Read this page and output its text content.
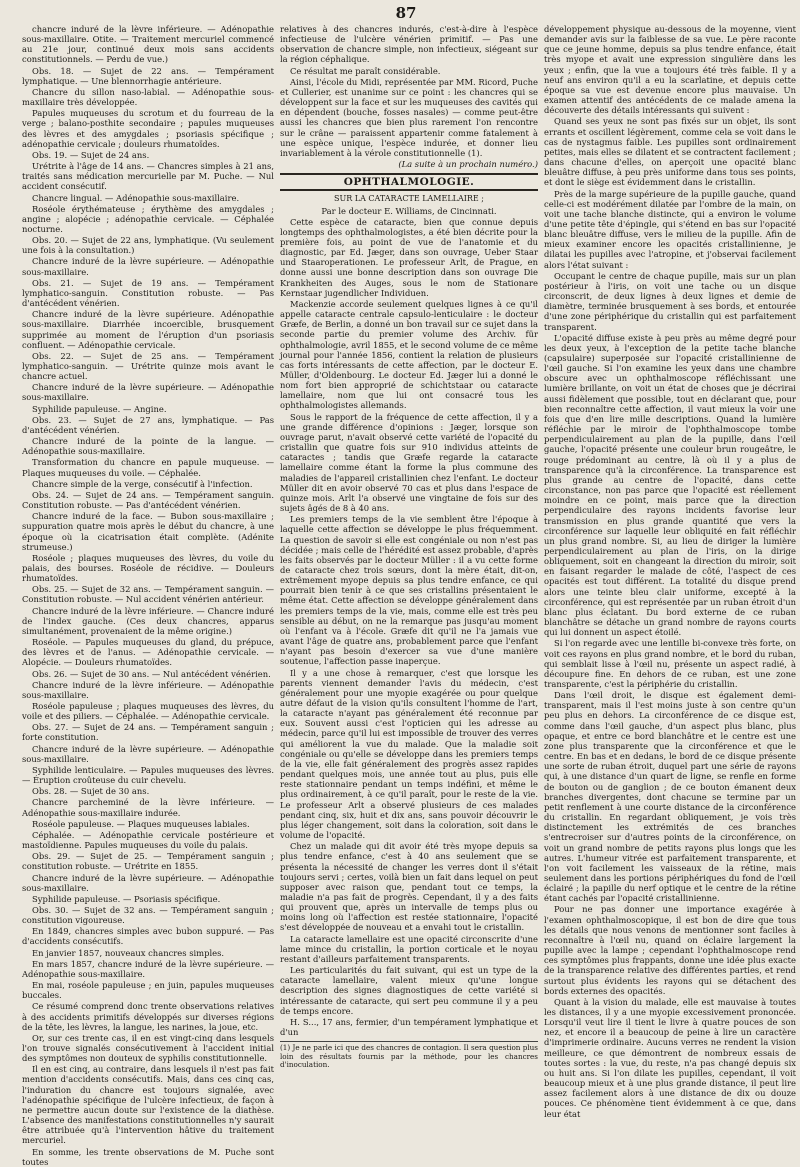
87

chancre induré de la lèvre inférieure. — Adénopathie sous-maxillaire. Otite. — Traitement mercuriel commencé au 21e jour, continué deux mois sans accidents constitutionnels. — Perdu de vue.)

Obs. 18. — Sujet de 22 ans. — Tempérament lymphatique. — Une blennorrhagie antérieure.

Chancre du sillon naso-labial. — Adénopathie sous-maxillaire très développée.

Papules muqueuses du scrotum et du fourreau de la verge ; balano-posthite secondaire ; papules muqueuses des lèvres et des amygdales ; psoriasis spécifique ; adénopathie cervicale ; douleurs rhumatoïdes.

Obs. 19. — Sujet de 24 ans.

Urétrite à l'âge de 14 ans. — Chancres simples à 21 ans, traités sans médication mercurielle par M. Puche. — Nul accident consécutif.

Chancre lingual. — Adénopathie sous-maxillaire.

Roséole érythémateuse ; érythème des amygdales ; angine ; alopécie ; adénopathie cervicale. — Céphalée nocturne.

Obs. 20. — Sujet de 22 ans, lymphatique. (Vu seulement une fois à la consultation.)

Chancre induré de la lèvre supérieure. — Adénopathie sous-maxillaire.

Obs. 21. — Sujet de 19 ans. — Tempérament lymphatico-sanguin. Constitution robuste. — Pas d'antécédent vénérien.

Chancre induré de la lèvre supérieure. Adénopathie sous-maxillaire. Diarrhée incoercible, brusquement supprimée au moment de l'éruption d'un psoriasis confluent. — Adénopathie cervicale.

Obs. 22. — Sujet de 25 ans. — Tempérament lymphatico-sanguin. — Urétrite quinze mois avant le chancre actuel.

Chancre induré de la lèvre supérieure. — Adénopathie sous-maxillaire.

Syphilide papuleuse. — Angine.

Obs. 23. — Sujet de 27 ans, lymphatique. — Pas d'antécédent vénérien.

Chancre induré de la pointe de la langue. — Adénopathie sous-maxillaire.

Transformation du chancre en papule muqueuse. — Plaques muqueuses du voile. — Céphalée.

Chancre simple de la verge, consécutif à l'infection.

Obs. 24. — Sujet de 24 ans. — Tempérament sanguin. Constitution robuste. — Pas d'antécédent vénérien.

Chancre induré de la face. — Bubon sous-maxillaire ; suppuration quatre mois après le début du chancre, à une époque où la cicatrisation était complète. (Adénite strumeuse.)

Roséole ; plaques muqueuses des lèvres, du voile du palais, des bourses. Roséole de récidive. — Douleurs rhumatoïdes.

Obs. 25. — Sujet de 32 ans. — Tempérament sanguin. — Constitution robuste. — Nul accident vénérien antérieur.

Chancre induré de la lèvre inférieure. — Chancre induré de l'index gauche. (Ces deux chancres, apparus simultanément, provenaient de la même origine.)

Roséole. — Papules muqueuses du gland, du prépuce, des lèvres et de l'anus. — Adénopathie cervicale. — Alopécie. — Douleurs rhumatoïdes.

Obs. 26. — Sujet de 30 ans. — Nul antécédent vénérien.

Chancre induré de la lèvre inférieure. — Adénopathie sous-maxillaire.

Roséole papuleuse ; plaques muqueuses des lèvres, du voile et des piliers. — Céphalée. — Adénopathie cervicale.

Obs. 27. — Sujet de 24 ans. — Tempérament sanguin ; forte constitution.

Chancre induré de la lèvre supérieure. — Adénopathie sous-maxillaire.

Syphilide lenticulaire. — Papules muqueuses des lèvres. — Éruption croûteuse du cuir chevelu.

Obs. 28. — Sujet de 30 ans.

Chancre parcheminé de la lèvre inférieure. — Adénopathie sous-maxillaire indurée.

Roséole papuleuse. — Plaques muqueuses labiales.

Céphalée. — Adénopathie cervicale postérieure et mastoïdienne. Papules muqueuses du voile du palais.

Obs. 29. — Sujet de 25. — Tempérament sanguin ; constitution robuste. — Urétrite en 1855.

Chancre induré de la lèvre supérieure. — Adénopathie sous-maxillaire.

Syphilide papuleuse. — Psoriasis spécifique.

Obs. 30. — Sujet de 32 ans. — Tempérament sanguin ; constitution vigoureuse.

En 1849, chancres simples avec bubon suppuré. — Pas d'accidents consécutifs.

En janvier 1857, nouveaux chancres simples.

En mars 1857, chancre induré de la lèvre supérieure. — Adénopathie sous-maxillaire.

En mai, roséole papuleuse ; en juin, papules muqueuses buccales.

Ce résumé comprend donc trente observations relatives à des accidents primitifs développés sur diverses régions de la tête, les lèvres, la langue, les narines, la joue, etc.

Or, sur ces trente cas, il en est vingt-cinq dans lesquels l'on trouve signalés consécutivement à l'accident initial des symptômes non douteux de syphilis constitutionnelle.

Il en est cinq, au contraire, dans lesquels il n'est pas fait mention d'accidents consécutifs. Mais, dans ces cinq cas, l'induration du chancre est toujours signalée, avec l'adénopathie spécifique de l'ulcère infectieux, de façon à ne permettre aucun doute sur l'existence de la diathèse. L'absence des manifestations constitutionnelles n'y saurait être attribuée qu'à l'intervention hâtive du traitement mercuriel.

En somme, les trente observations de M. Puche sont toutes

relatives à des chancres indurés, c'est-à-dire à l'espèce infectieuse de l'ulcère vénérien primitif. — Pas une observation de chancre simple, non infectieux, siégeant sur la région céphalique.

Ce résultat me paraît considérable.

Ainsi, l'école du Midi, représentée par MM. Ricord, Puche et Cullerier, est unanime sur ce point : les chancres qui se développent sur la face et sur les muqueuses des cavités qui en dépendent (bouche, fosses nasales) — comme peut-être aussi les chancres que bien plus rarement l'on rencontre sur le crâne — paraissent appartenir comme fatalement à une espèce unique, l'espèce indurée, et donner lieu invariablement à la vérole constitutionnelle (1).

(La suite à un prochain numéro.)

OPHTHALMOLOGIE.

SUR LA CATARACTE LAMELLAIRE ;

Par le docteur E. Williams, de Cincinnati.

Cette espèce de cataracte, bien que connue depuis longtemps des ophthalmologistes, a été bien décrite pour la première fois, au point de vue de l'anatomie et du diagnostic, par Ed. Jæger, dans son ouvrage, Ueber Staar und Staaroperationen. Le professeur Arlt, de Prague, en donne aussi une bonne description dans son ouvrage Die Krankheiten des Auges, sous le nom de Stationare Kernstaar jugendlicher Individuen.

Mackenzie accorde seulement quelques lignes à ce qu'il appelle cataracte centrale capsulo-lenticulaire : le docteur Græfe, de Berlin, a donné un bon travail sur ce sujet dans la seconde partie du premier volume des Archiv. für ophthalmologie, avril 1855, et le second volume de ce même journal pour l'année 1856, contient la relation de plusieurs cas forts intéressants de cette affection, par le docteur E. Müller, d'Oldenbourg. Le docteur Ed. Jæger lui a donné le nom fort bien approprié de schichtstaar ou cataracte lamellaire, nom que lui ont consacré tous les ophthalmologistes allemands.

Sous le rapport de la fréquence de cette affection, il y a une grande différence d'opinions : Jæger, lorsque son ouvrage parut, n'avait observé cette variété de l'opacité du cristallin que quatre fois sur 910 individus atteints de cataractes ; tandis que Græfe regarde la cataracte lamellaire comme étant la forme la plus commune des maladies de l'appareil cristallinien chez l'enfant. Le docteur Müller dit en avoir observé 70 cas et plus dans l'espace de quinze mois. Arlt l'a observé une vingtaine de fois sur des sujets âgés de 8 à 40 ans.

Les premiers temps de la vie semblent être l'époque à laquelle cette affection se développe le plus fréquemment. La question de savoir si elle est congéniale ou non n'est pas décidée ; mais celle de l'hérédité est assez probable, d'après les faits observés par le docteur Müller : il a vu cette forme de cataracte chez trois sœurs, dont la mère était, dit-on, extrêmement myope depuis sa plus tendre enfance, ce qui pourrait bien tenir à ce que ses cristallins présentaient le même état. Cette affection se développe généralement dans les premiers temps de la vie, mais, comme elle est très peu sensible au début, on ne la remarque pas jusqu'au moment où l'enfant va à l'école. Græfe dit qu'il ne l'a jamais vue avant l'âge de quatre ans, probablement parce que l'enfant n'ayant pas besoin d'exercer sa vue d'une manière soutenue, l'affection passe inaperçue.

Il y a une chose à remarquer, c'est que lorsque les parents viennent demander l'avis du médecin, c'est généralement pour une myopie exagérée ou pour quelque autre défaut de la vision qu'ils consultent l'homme de l'art, la cataracte n'ayant pas généralement été reconnue par eux. Souvent aussi c'est l'opticien qui les adresse au médecin, parce qu'il lui est impossible de trouver des verres qui améliorent la vue du malade. Que la maladie soit congéniale ou qu'elle se développe dans les premiers temps de la vie, elle fait généralement des progrès assez rapides pendant quelques mois, une année tout au plus, puis elle reste stationnaire pendant un temps indéfini, et même le plus ordinairement, à ce qu'il paraît, pour le reste de la vie. Le professeur Arlt a observé plusieurs de ces malades pendant cinq, six, huit et dix ans, sans pouvoir découvrir le plus léger changement, soit dans la coloration, soit dans le volume de l'opacité.

Chez un malade qui dit avoir été très myope depuis sa plus tendre enfance, c'est à 40 ans seulement que se présenta la nécessité de changer les verres dont il s'était toujours servi ; certes, voilà bien un fait dans lequel on peut supposer avec raison que, pendant tout ce temps, la maladie n'a pas fait de progrès. Cependant, il y a des faits qui prouvent que, après un intervalle de temps plus ou moins long où l'affection est restée stationnaire, l'opacité s'est développée de nouveau et a envahi tout le cristallin.

La cataracte lamellaire est une opacité circonscrite d'une lame mince du cristallin, la portion corticale et le noyau restant d'ailleurs parfaitement transparents.

Les particularités du fait suivant, qui est un type de la cataracte lamellaire, valent mieux qu'une longue description des signes diagnostiques de cette variété si intéressante de cataracte, qui sert peu commune il y a peu de temps encore.

H. S..., 17 ans, fermier, d'un tempérament lymphatique et d'un

(1) Je ne parle ici que des chancres de contagion. Il sera question plus loin des résultats fournis par la méthode, pour les chancres d'inoculation.

développement physique au-dessous de la moyenne, vient demander avis sur la faiblesse de sa vue. Le père raconte que ce jeune homme, depuis sa plus tendre enfance, était très myope et avait une expression singulière dans les yeux ; enfin, que la vue a toujours été très faible. Il y a neuf ans environ qu'il a eu la scarlatine, et depuis cette époque sa vue est devenue encore plus mauvaise. Un examen attentif des antécédents de ce malade amena la découverte des détails intéressants qui suivent :

Quand ses yeux ne sont pas fixés sur un objet, ils sont errants et oscillent légèrement, comme cela se voit dans le cas de nystagmus faible. Les pupilles sont ordinairement petites, mais elles se dilatent et se contractent facilement ; dans chacune d'elles, on aperçoit une opacité blanc bleuâtre diffuse, à peu près uniforme dans tous ses points, et dont le siège est évidemment dans le cristallin.

Près de la marge supérieure de la pupille gauche, quand celle-ci est modérément dilatée par l'ombre de la main, on voit une tache blanche distincte, qui a environ le volume d'une petite tête d'épingle, qui s'étend en bas sur l'opacité blanc bleuâtre diffuse, vers le milieu de la pupille. Afin de mieux examiner encore les opacités cristallinienne, je dilatai les pupilles avec l'atropine, et j'observai facilement alors l'état suivant :

Occupant le centre de chaque pupille, mais sur un plan postérieur à l'iris, on voit une tache ou un disque circonscrit, de deux lignes à deux lignes et demie de diamètre, terminée brusquement à ses bords, et entourée d'une zone périphérique du cristallin qui est parfaitement transparent.

L'opacité diffuse existe à peu près au même degré pour les deux yeux, à l'exception de la petite tache blanche (capsulaire) superposée sur l'opacité cristallinienne de l'œil gauche. Si l'on examine les yeux dans une chambre obscure avec un ophthalmoscope réfléchissant une lumière brillante, on voit un état de choses que je décrirai aussi fidèlement que possible, tout en déclarant que, pour bien reconnaître cette affection, il vaut mieux la voir une fois que d'en lire mille descriptions. Quand la lumière réfléchie par le miroir de l'ophthalmoscope tombe perpendiculairement au plan de la pupille, dans l'œil gauche, l'opacité présente une couleur brun rougeâtre, le rouge prédominant au centre, là où il y a plus de transparence qu'à la circonférence. La transparence est plus grande au centre de l'opacité, dans cette circonstance, non pas parce que l'opacité est réellement moindre en ce point, mais parce que la direction perpendiculaire des rayons incidents favorise leur transmission en plus grande quantité que vers la circonférence sur laquelle leur obliquité en fait réfléchir un plus grand nombre. Si, au lieu de diriger la lumière perpendiculairement au plan de l'iris, on la dirige obliquement, soit en changeant la direction du miroir, soit en faisant regarder le malade de côté, l'aspect de ces opacités est tout différent. La totalité du disque prend alors une teinte bleu clair uniforme, excepté à la circonférence, qui est représentée par un ruban étroit d'un blanc plus éclatant. Du bord externe de ce ruban blanchâtre se détache un grand nombre de rayons courts qui lui donnent un aspect étoilé.

Si l'on regarde avec une lentille bi-convexe très forte, on voit ces rayons en plus grand nombre, et le bord du ruban, qui semblait lisse à l'œil nu, présente un aspect radié, à découpure fine. En dehors de ce ruban, est une zone transparente, c'est la périphérie du cristallin.

Dans l'œil droit, le disque est également demi-transparent, mais il l'est moins juste à son centre qu'un peu plus en dehors. La circonférence de ce disque est, comme dans l'œil gauche, d'un aspect plus blanc, plus opaque, et entre ce bord blanchâtre et le centre est une zone plus transparente que la circonférence et que le centre. En bas et en dedans, le bord de ce disque présente une sorte de ruban étroit, duquel part une série de rayons qui, à une distance d'un quart de ligne, se renfle en forme de bouton ou de ganglion ; de ce bouton émanent deux branches divergentes, dont chacune se termine par un petit renflement à une courte distance de la circonférence du cristallin. En regardant obliquement, je vois très distinctement les extrémités de ces branches s'entrecroiser sur d'autres points de la circonférence, on voit un grand nombre de petits rayons plus longs que les autres. L'humeur vitrée est parfaitement transparente, et l'on voit facilement les vaisseaux de la rétine, mais seulement dans les portions périphériques du fond de l'œil éclairé ; la papille du nerf optique et le centre de la rétine étant cachés par l'opacité cristallinienne.

Pour ne pas donner une importance exagérée à l'examen ophthalmoscopique, il est bon de dire que tous les détails que nous venons de mentionner sont faciles à reconnaître à l'œil nu, quand on éclaire largement la pupille avec la lampe ; cependant l'ophthalmoscope rend ces symptômes plus frappants, donne une idée plus exacte de la transparence relative des différentes parties, et rend surtout plus évidents les rayons qui se détachent des bords externes des opacités.

Quant à la vision du malade, elle est mauvaise à toutes les distances, il y a une myopie excessivement prononcée. Lorsqu'il veut lire il tient le livre à quatre pouces de son nez, et encore il a beaucoup de peine à lire un caractère d'imprimerie ordinaire. Aucuns verres ne rendent la vision meilleure, ce que démontrent de nombreux essais de toutes sortes : la vue, du reste, n'a pas changé depuis six ou huit ans. Si l'on dilate les pupilles, cependant, il voit beaucoup mieux et à une plus grande distance, il peut lire assez facilement alors à une distance de dix ou douze pouces. Ce phénomène tient évidemment à ce que, dans leur état
